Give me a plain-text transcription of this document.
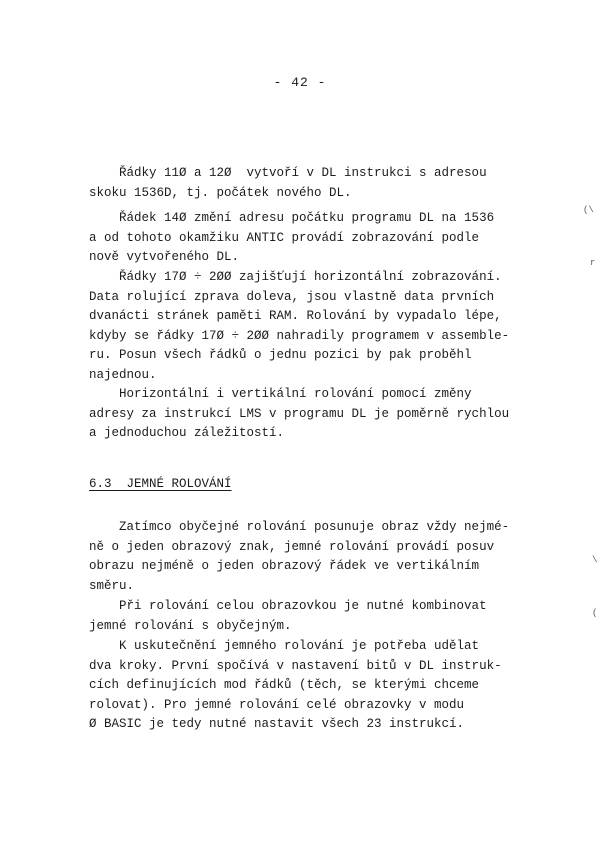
- 42 -

Řádky 11Ø a 12Ø  vytvoří v DL instrukci s adresou
skoku 1536D, tj. počátek nového DL.

Řádek 14Ø změní adresu počátku programu DL na 1536
a od tohoto okamžiku ANTIC provádí zobrazování podle
nově vytvořeného DL.

Řádky 17Ø ÷ 2ØØ zajišťují horizontální zobrazování.
Data rolující zprava doleva, jsou vlastně data prvních
dvanácti stránek paměti RAM. Rolování by vypadalo lépe,
kdyby se řádky 17Ø ÷ 2ØØ nahradily programem v assemble-
ru. Posun všech řádků o jednu pozici by pak proběhl
najednou.

Horizontální i vertikální rolování pomocí změny
adresy za instrukcí LMS v programu DL je poměrně rychlou
a jednoduchou záležitostí.

6.3  JEMNÉ ROLOVÁNÍ

Zatímco obyčejné rolování posunuje obraz vždy nejmé-
ně o jeden obrazový znak, jemné rolování provádí posuv
obrazu nejméně o jeden obrazový řádek ve vertikálním
směru.

Při rolování celou obrazovkou je nutné kombinovat
jemné rolování s obyčejným.

K uskutečnění jemného rolování je potřeba udělat
dva kroky. První spočívá v nastavení bitů v DL instruk-
cích definujících mod řádků (těch, se kterými chceme
rolovat). Pro jemné rolování celé obrazovky v modu
Ø BASIC je tedy nutné nastavit všech 23 instrukcí.

(\
r
\
(
